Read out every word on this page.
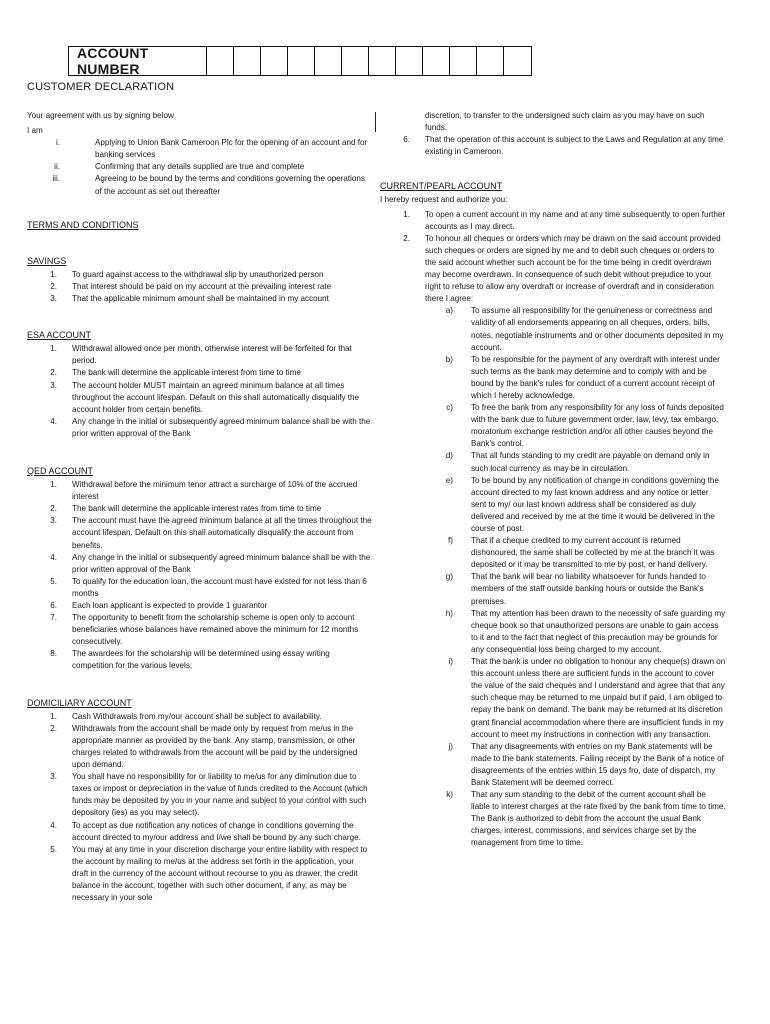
ACCOUNT NUMBER
CUSTOMER DECLARATION

Your agreement with us by signing below

I am

i.	Applying to Union Bank Cameroon Plc for the opening of an account and for banking services
ii.	Confirming that any details supplied are true and complete
iii.	Agreeing to be bound by the terms and conditions governing the operations of the account as set out thereafter

TERMS AND CONDITIONS

SAVINGS

1.	To guard against access to the withdrawal slip by unauthorized person
2.	That interest should be paid on my account at the prevailing interest rate
3.	That the applicable minimum amount shall be maintained in my account

ESA ACCOUNT

1.	Withdrawal allowed once per month, otherwise interest will be forfeited for that period.
2.	The bank will determine the applicable interest from time to time
3.	The account holder MUST maintain an agreed minimum balance at all times throughout the account lifespan. Default on this shall automatically disqualify the account holder from certain benefits.
4.	Any change in the initial or subsequently agreed minimum balance shall be with the prior written approval of the Bank

QED ACCOUNT

1.	Withdrawal before the minimum tenor attract a surcharge of 10% of the accrued interest
2.	The bank will determine the applicable interest rates from time to time
3.	The account must have the agreed minimum balance at all the times throughout the account lifespan. Default on this shall automatically disqualify the account from benefits.
4.	Any change in the initial or subsequently agreed minimum balance shall be with the prior written approval of the Bank
5.	To qualify for the education loan, the account must have existed for not less than 6 months
6.	Each loan applicant is expected to provide 1 guarantor
7.	The opportunity to benefit from the scholarship scheme is open only to account beneficiaries whose balances have remained above the minimum for 12 months consecutively.
8.	The awardees for the scholarship will be determined using essay writing competition for the various levels;

DOMICILIARY ACCOUNT

1.	Cash Withdrawals from my/our account shall be subject to availability.
2.	Withdrawals from the account shall be made only by request from me/us in the appropriate manner as provided by the bank. Any stamp, transmission, or other charges related to withdrawals from the account will be paid by the undersigned upon demand.
3.	You shall have no responsibility for or liability to me/us for any diminution due to taxes or impost or depreciation in the value of funds credited to the Account (which funds may be deposited by you in your name and subject to your control with such depository (ies) as you may select).
4.	To accept as due notification any notices of change in conditions governing the account directed to my/our address and I/we shall be bound by any such charge.
5.	You may at any time in your discretion discharge your entire liability with respect to the account by mailing to me/us at the address set forth in the application, your draft in the currency of the account without recourse to you as drawer, the credit balance in the account, together with such other document, if any, as may be necessary in your sole

discretion, to transfer to the undersigned such claim as you may have on such funds.

6.	That the operation of this account is subject to the Laws and Regulation at any time existing in Cameroon.

CURRENT/PEARL ACCOUNT

I hereby request and authorize you:

1.	To open a current account in my name and at any time subsequently to open further accounts as I may direct.
2.	To honour all cheques or orders which may be drawn on the said account provided such cheques or orders are signed by me and to debit such cheques or orders to the said account whether such account be for the time being in credit overdrawn may become overdrawn. In consequence of such debit without prejudice to your right to refuse to allow any overdraft or increase of overdraft and in consideration there I agree:
a)	To assume all responsibility for the genuineness or correctness and validity of all endorsements appearing on all cheques, orders, bills, notes, negotiable instruments and or other documents deposited in my account.
b)	To be responsible for the payment of any overdraft with interest under such terms as the bank may determine and to comply with and be bound by the bank's rules for conduct of a current account receipt of which I hereby acknowledge.
c)	To free the bank from any responsibility for any loss of funds deposited with the bank due to future government order, law, levy, tax embargo, moratorium exchange restriction and/or all other causes beyond the Bank's control.
d)	That all funds standing to my credit are payable on demand only in such local currency as may be in circulation.
e)	To be bound by any notification of change in conditions governing the account directed to my last known address and any notice or letter sent to my/ our last known address shall be considered as duly delivered and received by me at the time it would be delivered in the course of post.
f)	That if a cheque credited to my current account is returned dishonoured, the same shall be collected by me at the branch it was deposited or it may be transmitted to me by post, or hand delivery.
g)	That the bank will bear no liability whatsoever for funds handed to members of the staff outside banking hours or outside the Bank's premises.
h)	That my attention has been drawn to the necessity of safe guarding my cheque book so that unauthorized persons are unable to gain access to it and to the fact that neglect of this precaution may be grounds for any consequential loss being charged to my account.
i)	That the bank is under no obligation to honour any cheque(s) drawn on this account unless there are sufficient funds in the account to cover the value of the said cheques and I understand and agree that that any such cheque may be returned to me unpaid but if paid, I am obliged to repay the bank on demand. The bank may be returned at its discretion grant financial accommodation where there are insufficient funds in my account to meet my instructions in connection with any transaction.
j)	That any disagreements with entries on my Bank statements will be made to the bank statements. Failing receipt by the Bank of a notice of disagreements of the entries within 15 days fro, date of dispatch, my Bank Statement will be deemed correct.
k)	That any sum standing to the debit of the current account shall be liable to interest charges at the rate fixed by the bank from time to time. The Bank is authorized to debit from the account the usual Bank charges, interest, commissions, and services charge set by the management from time to time.
